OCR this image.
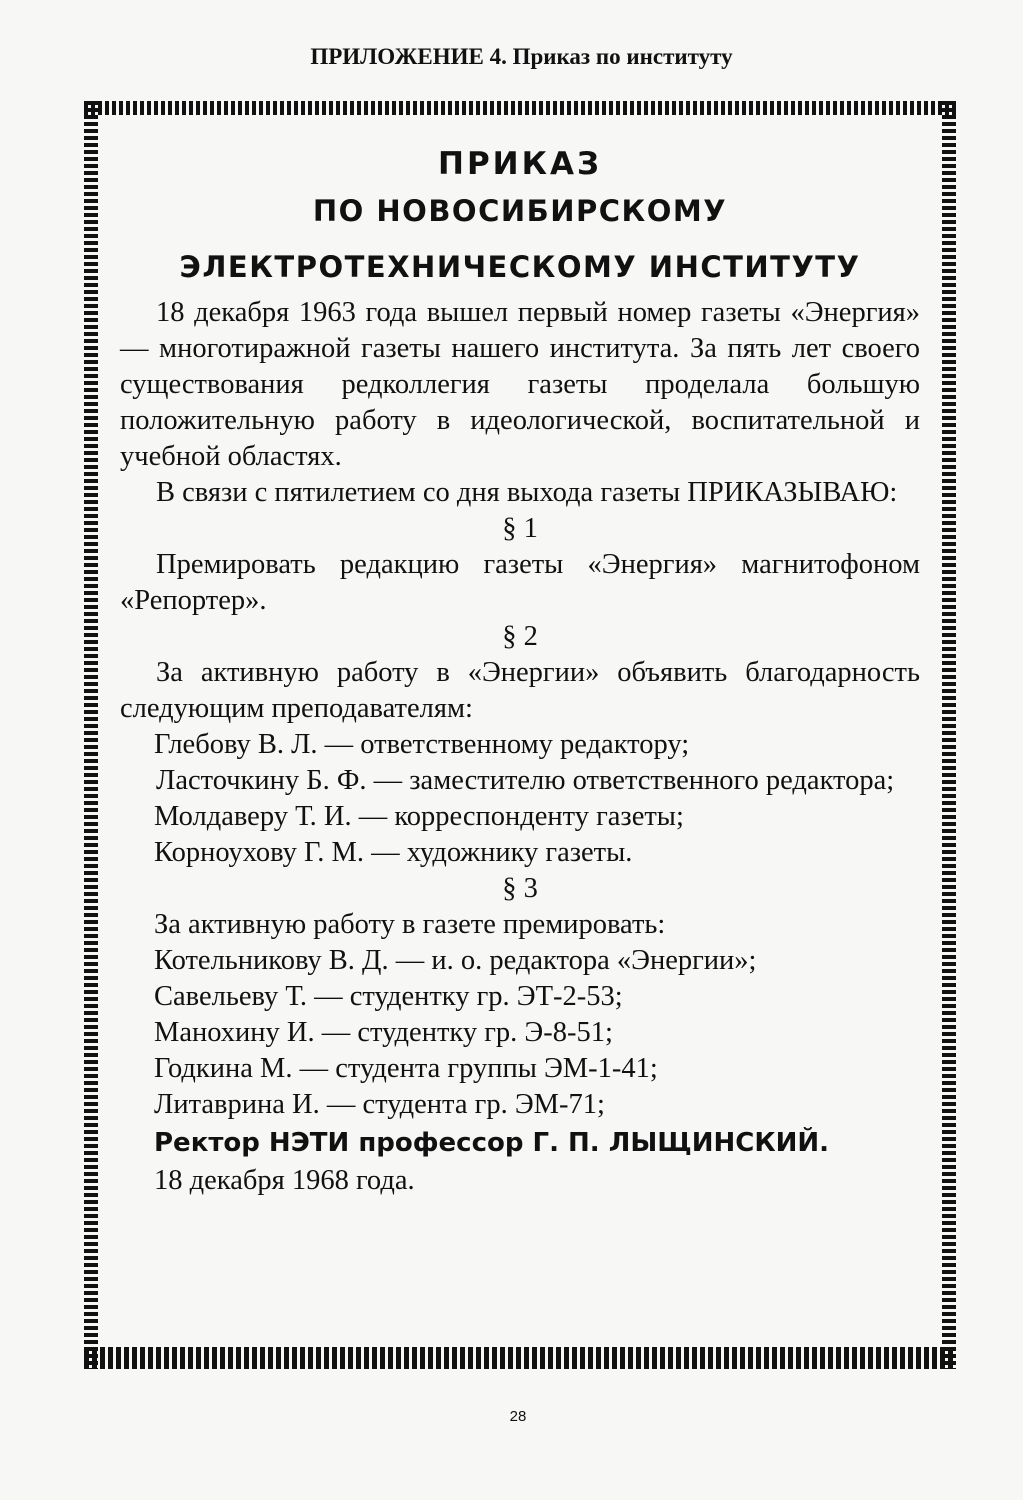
ПРИЛОЖЕНИЕ 4. Приказ по институту

ПРИКАЗ

ПО НОВОСИБИРСКОМУ ЭЛЕКТРОТЕХНИЧЕСКОМУ ИНСТИТУТУ

18 декабря 1963 года вышел первый номер газеты «Энергия» — многотиражной газеты нашего института. За пять лет своего существования редколлегия газеты проделала большую положительную работу в идеологической, воспитательной и учебной областях.

В связи с пятилетием со дня выхода газеты ПРИКАЗЫВАЮ:

§ 1

Премировать редакцию газеты «Энергия» магнитофоном «Репортер».

§ 2

За активную работу в «Энергии» объявить благодарность следующим преподавателям:

Глебову В. Л. — ответственному редактору;

Ласточкину Б. Ф. — заместителю ответственного редактора;

Молдаверу Т. И. — корреспонденту газеты;

Корноухову Г. М. — художнику газеты.

§ 3

За активную работу в газете премировать:

Котельникову В. Д. — и. о. редактора «Энергии»;

Савельеву Т. — студентку гр. ЭТ-2-53;

Манохину И. — студентку гр. Э-8-51;

Годкина М. — студента группы ЭМ-1-41;

Литаврина И. — студента гр. ЭМ-71;

Ректор НЭТИ профессор Г. П. ЛЫЩИНСКИЙ.

18 декабря 1968 года.

28
